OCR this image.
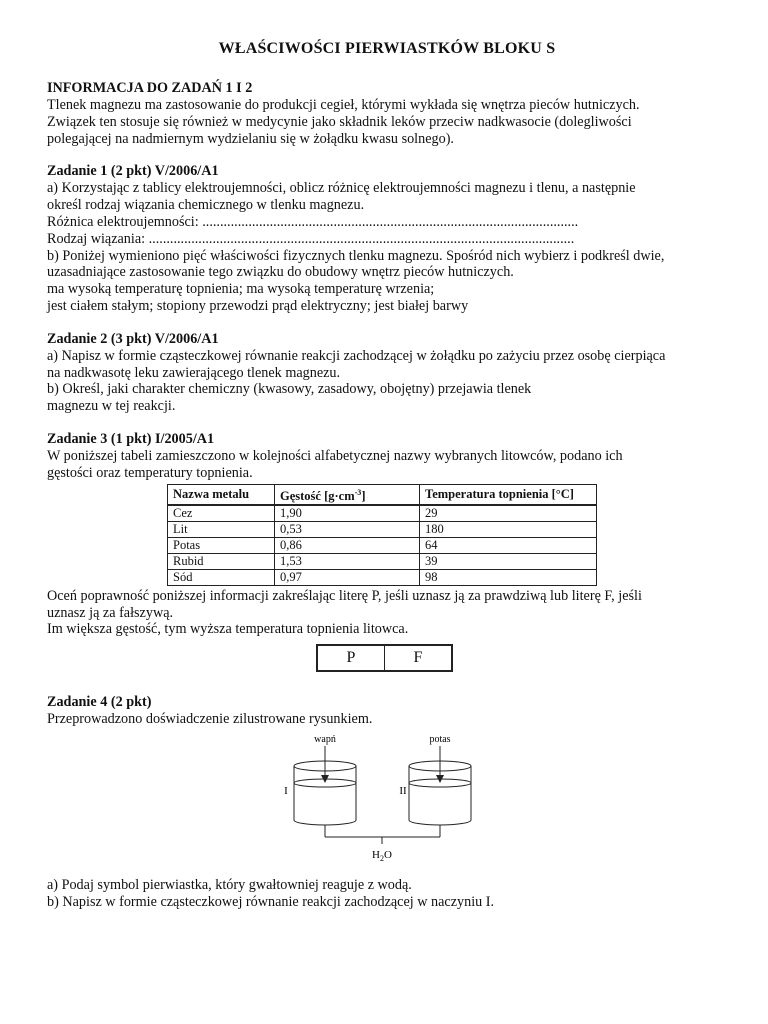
WŁAŚCIWOŚCI PIERWIASTKÓW BLOKU S
INFORMACJA DO ZADAŃ 1 I 2
Tlenek magnezu ma zastosowanie do produkcji cegieł, którymi wykłada się wnętrza pieców hutniczych.
Związek ten stosuje się również w medycynie jako składnik leków przeciw nadkwasocie (dolegliwości
polegającej na nadmiernym wydzielaniu się w żołądku kwasu solnego).
Zadanie 1 (2 pkt) V/2006/A1
a) Korzystając z tablicy elektroujemności, oblicz różnicę elektroujemności magnezu i tlenu, a następnie
określ rodzaj wiązania chemicznego w tlenku magnezu.
Różnica elektroujemności: ..........................................................................................................
Rodzaj wiązania: ........................................................................................................................
b) Poniżej wymieniono pięć właściwości fizycznych tlenku magnezu. Spośród nich wybierz i podkreśl dwie,
uzasadniające zastosowanie tego związku do obudowy wnętrz pieców hutniczych.
ma wysoką temperaturę topnienia; ma wysoką temperaturę wrzenia;
jest ciałem stałym; stopiony przewodzi prąd elektryczny; jest białej barwy
Zadanie 2 (3 pkt) V/2006/A1
a) Napisz w formie cząsteczkowej równanie reakcji zachodzącej w żołądku po zażyciu przez osobę cierpiąca
na nadkwasotę leku zawierającego tlenek magnezu.
b) Określ, jaki charakter chemiczny (kwasowy, zasadowy, obojętny) przejawia tlenek
magnezu w tej reakcji.
Zadanie 3 (1 pkt) I/2005/A1
W poniższej tabeli zamieszczono w kolejności alfabetycznej nazwy wybranych litowców, podano ich
gęstości oraz temperatury topnienia.
Nazwa metalu	Gęstość $[g\cdot cm^{-3}]$	Temperatura topnienia [°C]
Cez	1,90	29
Lit	0,53	180
Potas	0,86	64
Rubid	1,53	39
Sód	0,97	98
Oceń poprawność poniższej informacji zakreślając literę P, jeśli uznasz ją za prawdziwą lub literę F, jeśli
uznasz ją za fałszywą.
Im większa gęstość, tym wyższa temperatura topnienia litowca.
P	F
Zadanie 4 (2 pkt)
Przeprowadzono doświadczenie zilustrowane rysunkiem.
wapń	potas
I	II
$H_2O$
a) Podaj symbol pierwiastka, który gwałtowniej reaguje z wodą.
b) Napisz w formie cząsteczkowej równanie reakcji zachodzącej w naczyniu I.
